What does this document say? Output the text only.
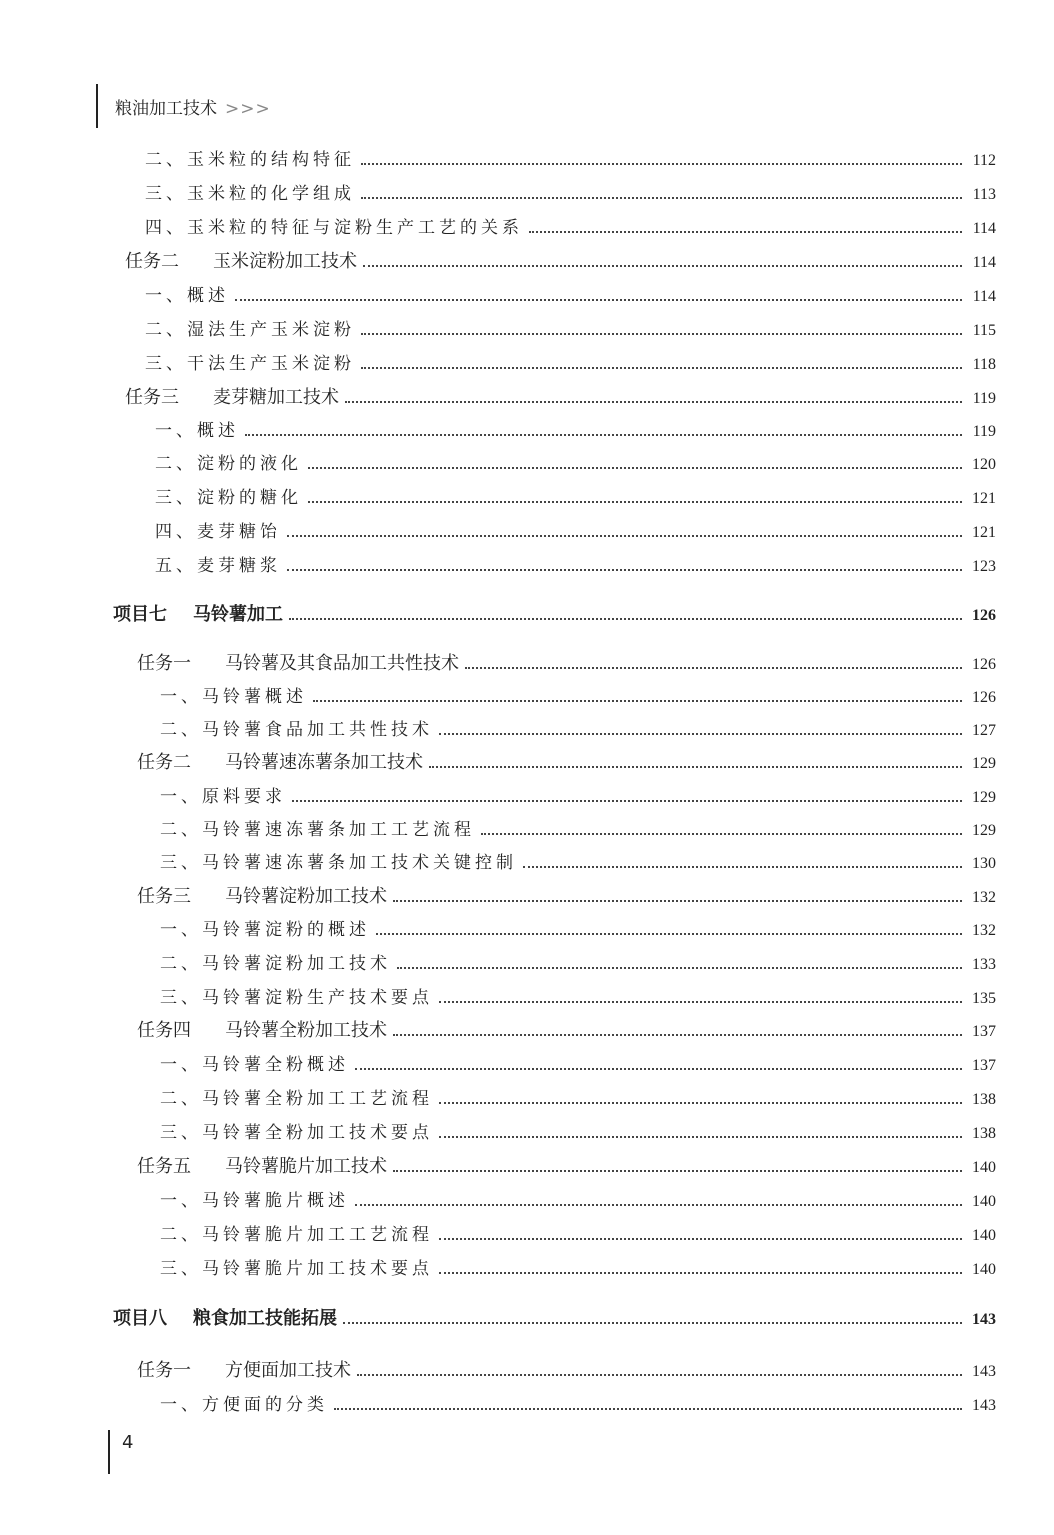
粮油加工技术 >>>
二、玉米粒的结构特征	112
三、玉米粒的化学组成	113
四、玉米粒的特征与淀粉生产工艺的关系	114
任务二 玉米淀粉加工技术	114
一、概述	114
二、湿法生产玉米淀粉	115
三、干法生产玉米淀粉	118
任务三 麦芽糖加工技术	119
一、概述	119
二、淀粉的液化	120
三、淀粉的糖化	121
四、麦芽糖饴	121
五、麦芽糖浆	123
项目七 马铃薯加工	126
任务一 马铃薯及其食品加工共性技术	126
一、马铃薯概述	126
二、马铃薯食品加工共性技术	127
任务二 马铃薯速冻薯条加工技术	129
一、原料要求	129
二、马铃薯速冻薯条加工工艺流程	129
三、马铃薯速冻薯条加工技术关键控制	130
任务三 马铃薯淀粉加工技术	132
一、马铃薯淀粉的概述	132
二、马铃薯淀粉加工技术	133
三、马铃薯淀粉生产技术要点	135
任务四 马铃薯全粉加工技术	137
一、马铃薯全粉概述	137
二、马铃薯全粉加工工艺流程	138
三、马铃薯全粉加工技术要点	138
任务五 马铃薯脆片加工技术	140
一、马铃薯脆片概述	140
二、马铃薯脆片加工工艺流程	140
三、马铃薯脆片加工技术要点	140
项目八 粮食加工技能拓展	143
任务一 方便面加工技术	143
一、方便面的分类	143
4
